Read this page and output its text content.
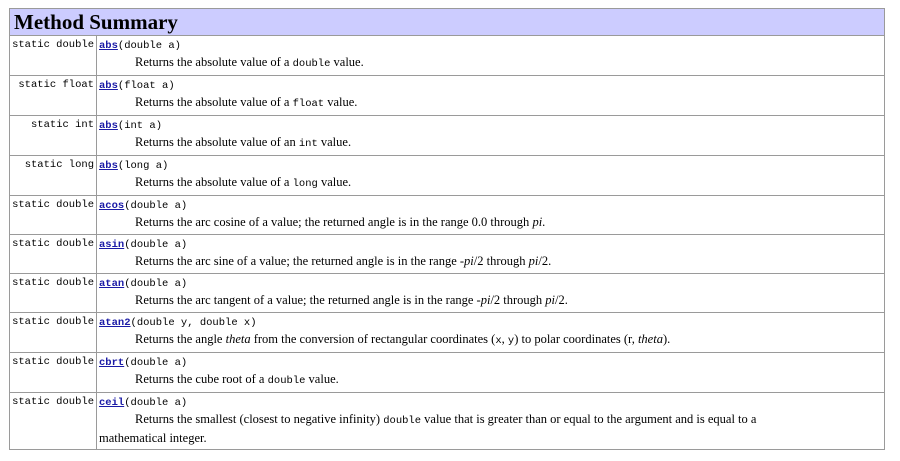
Method Summary	
static double	abs(double a)
Returns the absolute value of a double value.

static float	abs(float a)
Returns the absolute value of a float value.

static int	abs(int a)
Returns the absolute value of an int value.

static long	abs(long a)
Returns the absolute value of a long value.

static double	acos(double a)
Returns the arc cosine of a value; the returned angle is in the range 0.0 through pi.

static double	asin(double a)
Returns the arc sine of a value; the returned angle is in the range -pi/2 through pi/2.

static double	atan(double a)
Returns the arc tangent of a value; the returned angle is in the range -pi/2 through pi/2.

static double	atan2(double y, double x)
Returns the angle theta from the conversion of rectangular coordinates (x, y) to polar coordinates (r, theta).

static double	cbrt(double a)
Returns the cube root of a double value.

static double	ceil(double a)
Returns the smallest (closest to negative infinity) double value that is greater than or equal to the argument and is equal to a
mathematical integer.
